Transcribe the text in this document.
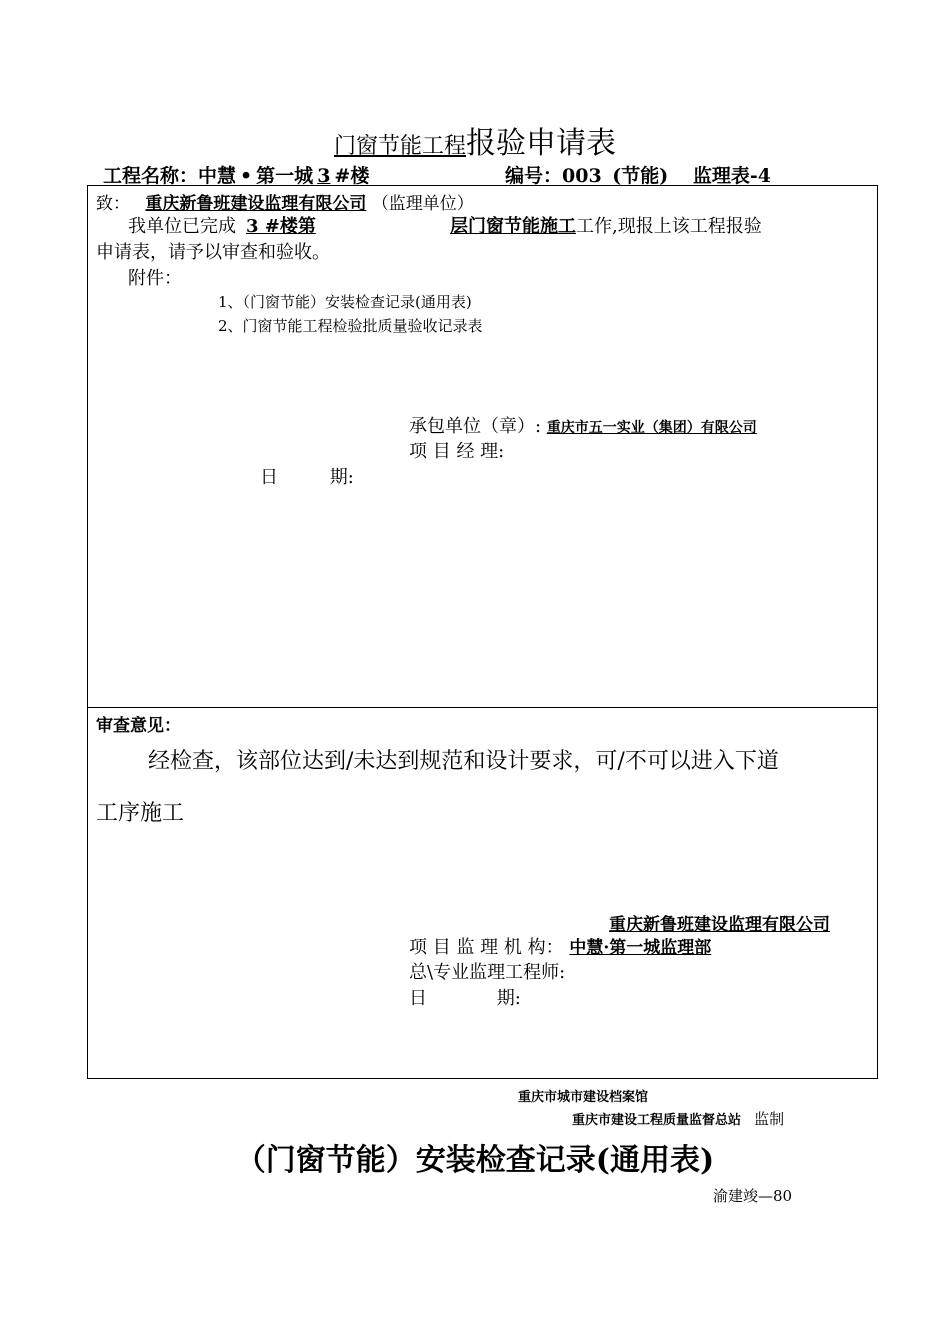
门窗节能工程报验申请表
工程名称：中慧 • 第一城 3 #楼	编号：003 (节能) 监理表-4
致： 重庆新鲁班建设监理有限公司 （监理单位）
我单位已完成 3 #楼第	层门窗节能施工工作,现报上该工程报验
申请表，请予以审查和验收。
附件：
1、（门窗节能）安装检查记录(通用表)
2、门窗节能工程检验批质量验收记录表
承包单位（章）: 重庆市五一实业（集团）有限公司
项 目 经 理:
日	期:
审查意见：
经检查，该部位达到/未达到规范和设计要求，可/不可以进入下道
工序施工
重庆新鲁班建设监理有限公司
项 目 监 理 机 构： 中慧·第一城监理部
总\专业监理工程师:
日	期:
重庆市城市建设档案馆
重庆市建设工程质量监督总站 监制
（门窗节能）安装检查记录(通用表)
渝建竣—80
